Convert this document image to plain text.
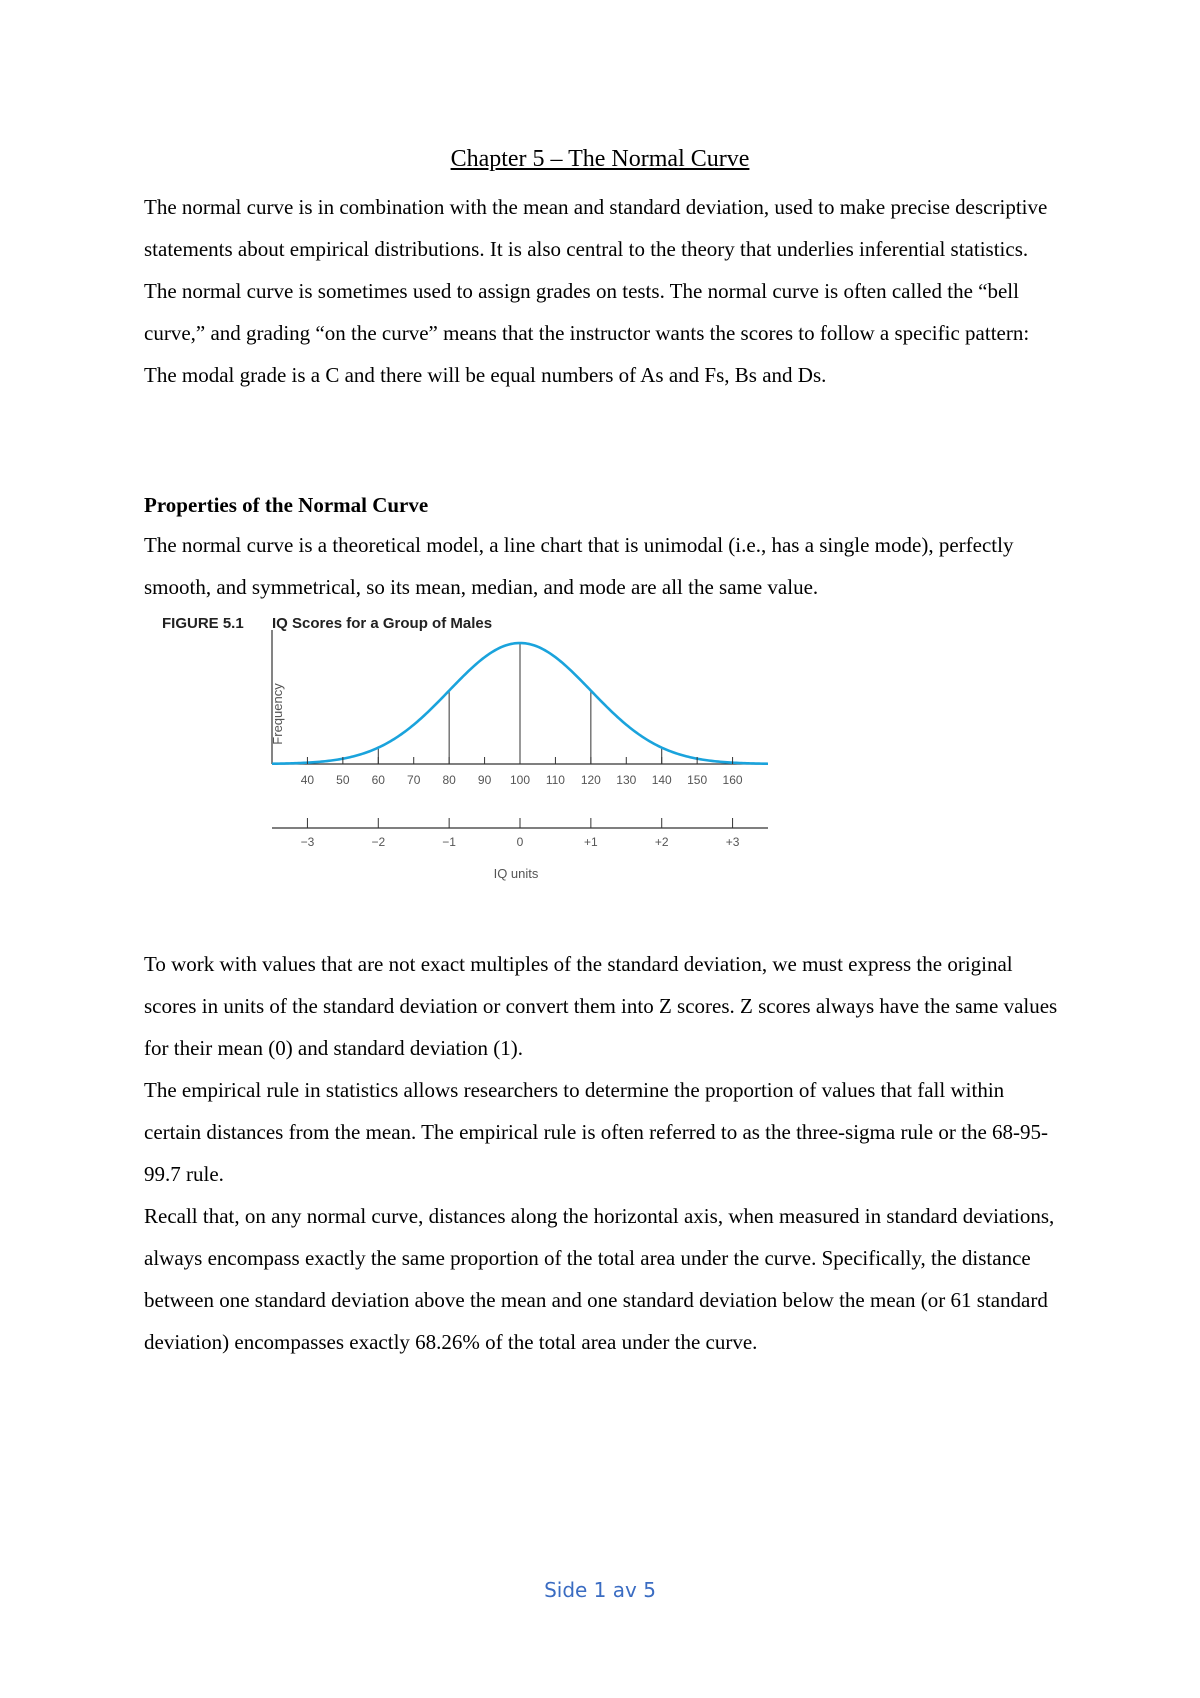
Chapter 5 – The Normal Curve

The normal curve is in combination with the mean and standard deviation, used to make precise descriptive statements about empirical distributions. It is also central to the theory that underlies inferential statistics. The normal curve is sometimes used to assign grades on tests. The normal curve is often called the “bell curve,” and grading “on the curve” means that the instructor wants the scores to follow a specific pattern: The modal grade is a C and there will be equal numbers of As and Fs, Bs and Ds.

Properties of the Normal Curve

The normal curve is a theoretical model, a line chart that is unimodal (i.e., has a single mode), perfectly smooth, and symmetrical, so its mean, median, and mode are all the same value.

FIGURE 5.1 IQ Scores for a Group of Males
Frequency
40 50 60 70 80 90 100 110 120 130 140 150 160
−3	−2	−1	0	+1	+2	+3
IQ units

To work with values that are not exact multiples of the standard deviation, we must express the original scores in units of the standard deviation or convert them into Z scores. Z scores always have the same values for their mean (0) and standard deviation (1).
The empirical rule in statistics allows researchers to determine the proportion of values that fall within certain distances from the mean. The empirical rule is often referred to as the three-sigma rule or the 68-95-99.7 rule.
Recall that, on any normal curve, distances along the horizontal axis, when measured in standard deviations, always encompass exactly the same proportion of the total area under the curve. Specifically, the distance between one standard deviation above the mean and one standard deviation below the mean (or 61 standard deviation) encompasses exactly 68.26% of the total area under the curve.

Side 1 av 5
